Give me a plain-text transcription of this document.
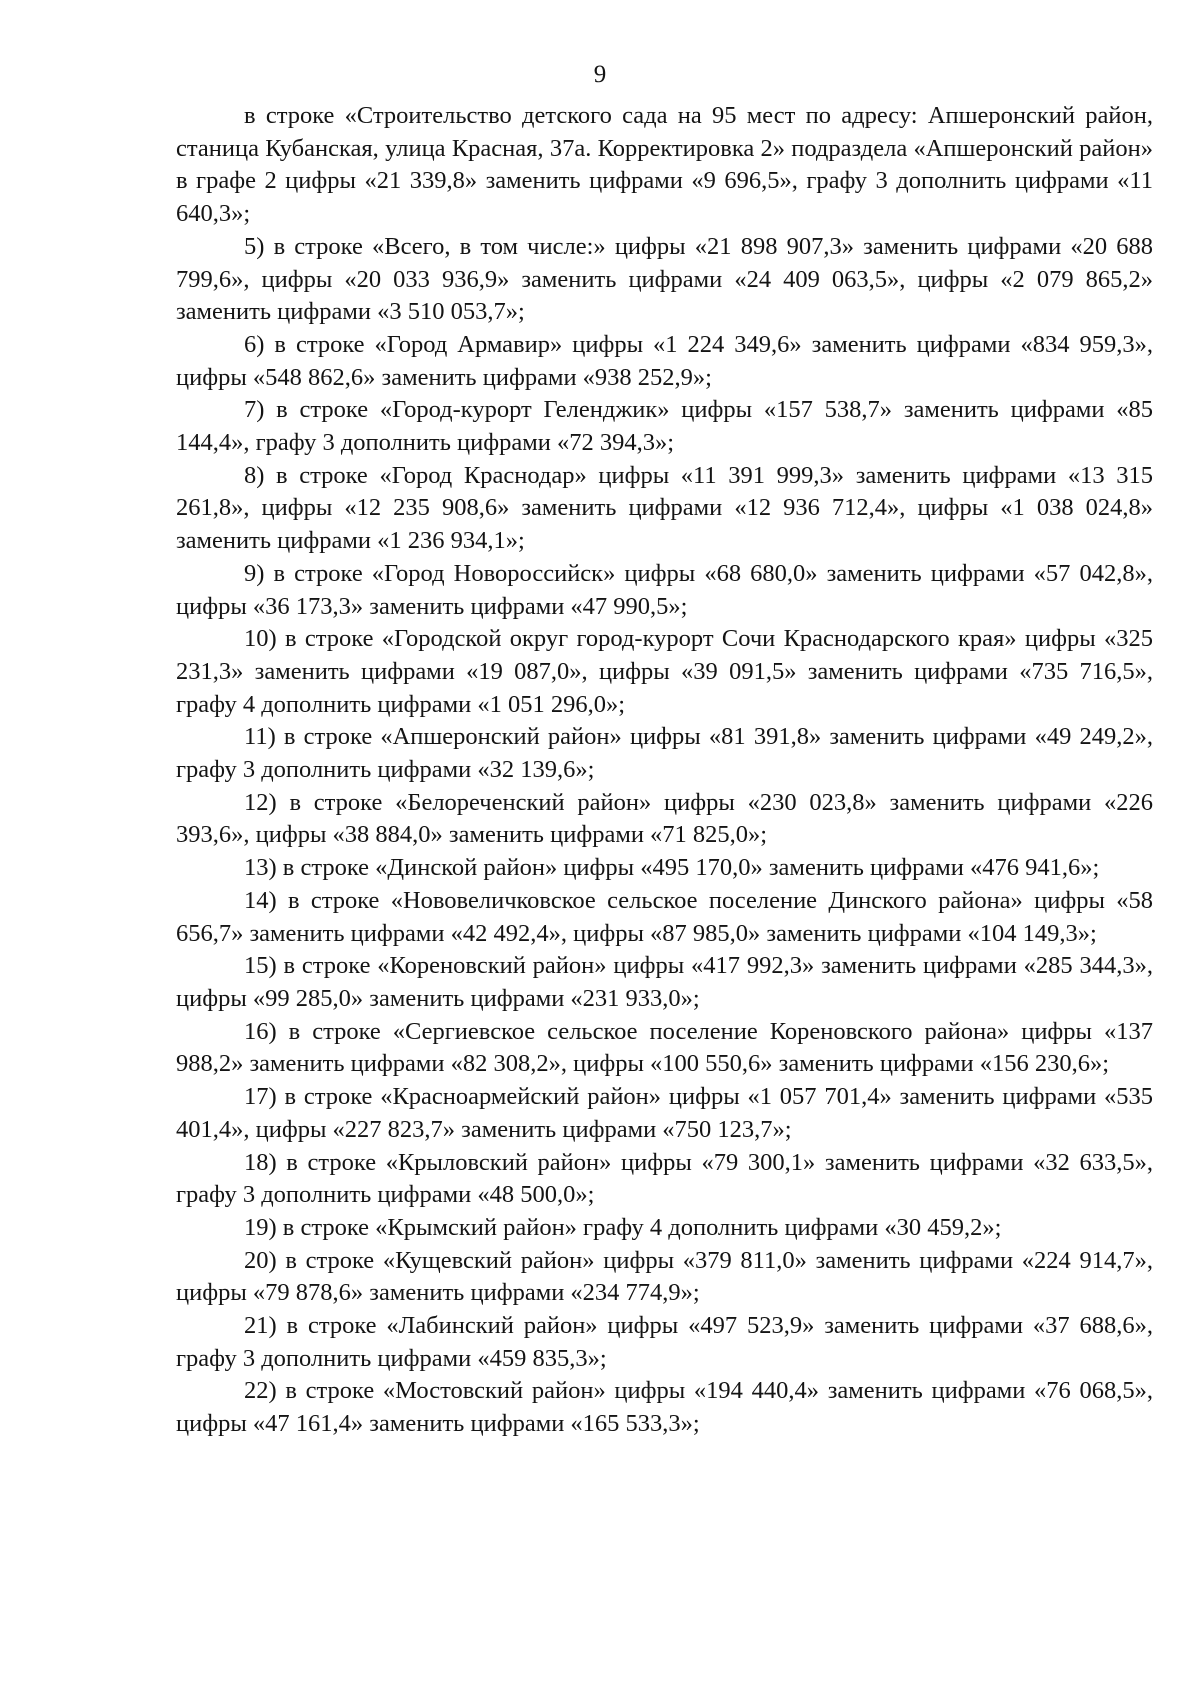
9

в строке «Строительство детского сада на 95 мест по адресу: Апшеронский район, станица Кубанская, улица Красная, 37а. Корректировка 2» подраздела «Апшеронский район» в графе 2 цифры «21 339,8» заменить цифрами «9 696,5», графу 3 дополнить цифрами «11 640,3»;

5) в строке «Всего, в том числе:» цифры «21 898 907,3» заменить цифрами «20 688 799,6», цифры «20 033 936,9» заменить цифрами «24 409 063,5», цифры «2 079 865,2» заменить цифрами «3 510 053,7»;

6) в строке «Город Армавир» цифры «1 224 349,6» заменить цифрами «834 959,3», цифры «548 862,6» заменить цифрами «938 252,9»;

7) в строке «Город-курорт Геленджик» цифры «157 538,7» заменить цифрами «85 144,4», графу 3 дополнить цифрами «72 394,3»;

8) в строке «Город Краснодар» цифры «11 391 999,3» заменить цифрами «13 315 261,8», цифры «12 235 908,6» заменить цифрами «12 936 712,4», цифры «1 038 024,8» заменить цифрами «1 236 934,1»;

9) в строке «Город Новороссийск» цифры «68 680,0» заменить цифрами «57 042,8», цифры «36 173,3» заменить цифрами «47 990,5»;

10) в строке «Городской округ город-курорт Сочи Краснодарского края» цифры «325 231,3» заменить цифрами «19 087,0», цифры «39 091,5» заменить цифрами «735 716,5», графу 4 дополнить цифрами «1 051 296,0»;

11) в строке «Апшеронский район» цифры «81 391,8» заменить цифрами «49 249,2», графу 3 дополнить цифрами «32 139,6»;

12) в строке «Белореченский район» цифры «230 023,8» заменить цифрами «226 393,6», цифры «38 884,0» заменить цифрами «71 825,0»;

13) в строке «Динской район» цифры «495 170,0» заменить цифрами «476 941,6»;

14) в строке «Нововеличковское сельское поселение Динского района» цифры «58 656,7» заменить цифрами «42 492,4», цифры «87 985,0» заменить цифрами «104 149,3»;

15) в строке «Кореновский район» цифры «417 992,3» заменить цифрами «285 344,3», цифры «99 285,0» заменить цифрами «231 933,0»;

16) в строке «Сергиевское сельское поселение Кореновского района» цифры «137 988,2» заменить цифрами «82 308,2», цифры «100 550,6» заменить цифрами «156 230,6»;

17) в строке «Красноармейский район» цифры «1 057 701,4» заменить цифрами «535 401,4», цифры «227 823,7» заменить цифрами «750 123,7»;

18) в строке «Крыловский район» цифры «79 300,1» заменить цифрами «32 633,5», графу 3 дополнить цифрами «48 500,0»;

19) в строке «Крымский район» графу 4 дополнить цифрами «30 459,2»;

20) в строке «Кущевский район» цифры «379 811,0» заменить цифрами «224 914,7», цифры «79 878,6» заменить цифрами «234 774,9»;

21) в строке «Лабинский район» цифры «497 523,9» заменить цифрами «37 688,6», графу 3 дополнить цифрами «459 835,3»;

22) в строке «Мостовский район» цифры «194 440,4» заменить цифрами «76 068,5», цифры «47 161,4» заменить цифрами «165 533,3»;
